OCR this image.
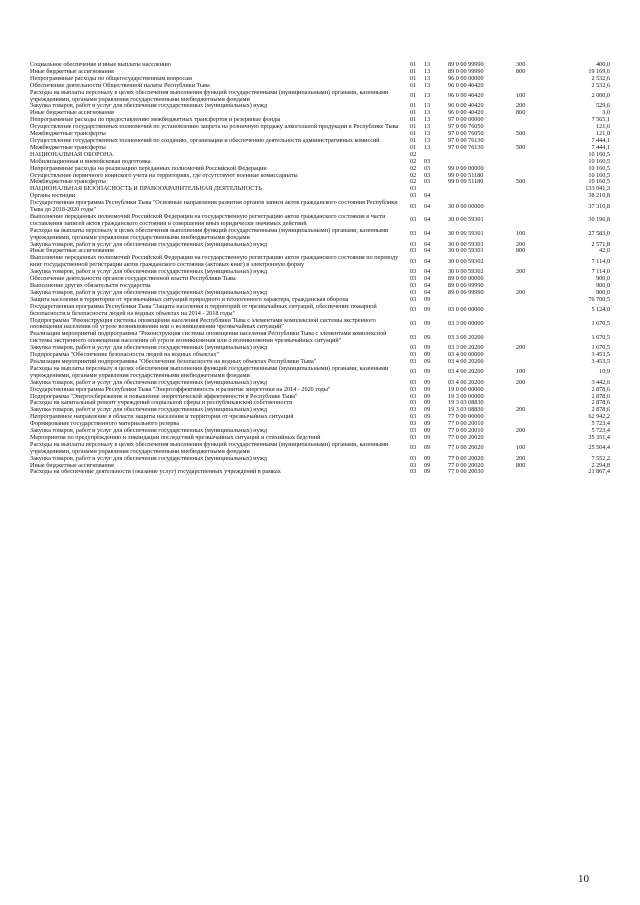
Социальное обеспечение и иные выплаты населению	01	13	89 0 00 99990	300	400,0
Иные бюджетные ассигнования	01	13	89 0 00 99990	800	19 169,6
Непрограммные расходы по общегосударственным вопросам	01	13	96 0 00 00000		2 532,6
Обеспечение деятельности Общественной палаты Республики Тыва	01	13	96 0 00 40420		2 532,6
Расходы на выплаты персоналу в целях обеспечения выполнения функций государственными (муниципальными) органами, казенными учреждениями, органами управления государственными внебюджетными фондами	01	13	96 0 00 40420	100	2 000,0
Закупка товаров, работ и услуг для обеспечения государственных (муниципальных) нужд	01	13	96 0 00 40420	200	529,6
Иные бюджетные ассигнования	01	13	96 0 00 40420	800	3,0
Непрограммные расходы по предоставлению межбюджетных трансфертов и резервные фонды	01	13	97 0 00 00000		7 565,1
Осуществление государственных полномочий по установлению запрета на розничную продажу алкогольной продукции в Республике Тыва	01	13	97 0 00 76050		121,0
Межбюджетные трансферты	01	13	97 0 00 76050	500	121,0
Осуществление государственных полномочий по созданию, организации и обеспечению деятельности административных комиссий	01	13	97 0 00 76130		7 444,1
Межбюджетные трансферты	01	13	97 0 00 76130	500	7 444,1
НАЦИОНАЛЬНАЯ ОБОРОНА	02				10 160,5
Мобилизационная и вневойсковая подготовка	02	03			10 160,5
Непрограммные расходы на реализацию переданных полномочий Российской Федерации	02	03	99 0 00 00000		10 160,5
Осуществление первичного воинского учета на территориях, где отсутствуют военные комиссариаты	02	03	99 0 00 51180		10 160,5
Межбюджетные трансферты	02	03	99 0 00 51180	500	10 160,5
НАЦИОНАЛЬНАЯ БЕЗОПАСНОСТЬ И ПРАВООХРАНИТЕЛЬНАЯ ДЕЯТЕЛЬНОСТЬ	03				133 041,3
Органы юстиции	03	04			38 210,8
Государственная программа Республики Тыва "Основные направления развития органов записи актов гражданского состояния Республики Тыва до 2018-2020 годы"	03	04	30 0 00 00000		37 310,8
Выполнение переданных полномочий Российской Федерации на государственную регистрацию актов гражданского состояния в части составления записей актов гражданского состояния и совершения иных юридически значимых действий	03	04	30 0 00 59301		30 196,8
Расходы на выплаты персоналу в целях обеспечения выполнения функций государственными (муниципальными) органами, казенными учреждениями, органами управления государственными внебюджетными фондами	03	04	30 0 00 59301	100	27 583,0
Закупка товаров, работ и услуг для обеспечения государственных (муниципальных) нужд	03	04	30 0 00 59301	200	2 571,8
Иные бюджетные ассигнования	03	04	30 0 00 59301	800	42,0
Выполнение переданных полномочий Российской Федерации на государственную регистрацию актов гражданского состояния по переводу книг государственной регистрации актов гражданского состояния (актовых книг) в электронную форму	03	04	30 0 00 59302		7 114,0
Закупка товаров, работ и услуг для обеспечения государственных (муниципальных) нужд	03	04	30 0 00 59302	200	7 114,0
Обеспечение деятельности органов государственной власти Республики Тыва	03	04	89 0 00 00000		900,0
Выполнение других обязательств государства	03	04	89 0 00 99990		900,0
Закупка товаров, работ и услуг для обеспечения государственных (муниципальных) нужд	03	04	89 0 00 99990	200	900,0
Защита населения и территории от чрезвычайных ситуаций природного и техногенного характера, гражданская оборона	03	09			76 700,5
Государственная программа Республики Тыва "Защита населения и территорий от чрезвычайных ситуаций, обеспечение пожарной безопасности и безопасности людей на водных объектах на 2014 - 2018 годы"	03	09	03 0 00 00000		5 124,0
Подпрограмма "Реконструкция системы оповещения населения Республики Тыва с элементами комплексной системы экстренного оповещения населения об угрозе возникновения или о возникновении чрезвычайных ситуаций"	03	09	03 3 00 00000		1 670,5
Реализация мероприятий подпрограммы "Реконструкция системы оповещения населения Республики Тыва с элементами комплексной системы экстренного оповещения населения об угрозе возникновения или о возникновении чрезвычайных ситуаций"	03	09	03 3 00 20200		1 670,5
Закупка товаров, работ и услуг для обеспечения государственных (муниципальных) нужд	03	09	03 3 00 20200	200	1 670,5
Подпрограмма "Обеспечение безопасности людей на водных объектах"	03	09	03 4 00 00000		3 453,5
Реализация мероприятий подпрограммы "Обеспечение безопасности на водных объектах Республики Тыва"	03	09	03 4 00 20200		3 453,5
Расходы на выплаты персоналу в целях обеспечения выполнения функций государственными (муниципальными) органами, казенными учреждениями, органами управления государственными внебюджетными фондами	03	09	03 4 00 20200	100	10,9
Закупка товаров, работ и услуг для обеспечения государственных (муниципальных) нужд	03	09	03 4 00 20200	200	3 442,6
Государственная программа Республики Тыва "Энергоэффективность и развитие энергетики на 2014 - 2020 годы"	03	09	19 0 00 00000		2 878,6
Подпрограмма "Энергосбережение и повышение энергетической эффективности в Республике Тыва"	03	09	19 3 00 00000		2 878,6
Расходы на капитальный ремонт учреждений социальной сферы и республиканской собственности	03	09	19 3 03 08830		2 878,6
Закупка товаров, работ и услуг для обеспечения государственных (муниципальных) нужд	03	09	19 3 03 08830	200	2 878,6
Непрограммное направление в области защиты населения и территории от чрезвычайных ситуаций	03	09	77 0 00 00000		62 942,2
Формирование государственного материального резерва	03	09	77 0 00 20010		5 723,4
Закупка товаров, работ и услуг для обеспечения государственных (муниципальных) нужд	03	09	77 0 00 20010	200	5 723,4
Мероприятия по предупреждению и ликвидации последствий чрезвычайных ситуаций и стихийных бедствий	03	09	77 0 00 20020		35 351,4
Расходы на выплаты персоналу в целях обеспечения выполнения функций государственными (муниципальными) органами, казенными учреждениями, органами управления государственными внебюджетными фондами	03	09	77 0 00 20020	100	25 504,4
Закупка товаров, работ и услуг для обеспечения государственных (муниципальных) нужд	03	09	77 0 00 20020	200	7 552,2
Иные бюджетные ассигнования	03	09	77 0 00 20020	800	2 294,8
Расходы на обеспечение деятельности (оказание услуг) государственных учреждений в рамках	03	09	77 0 00 20030		21 867,4
10
